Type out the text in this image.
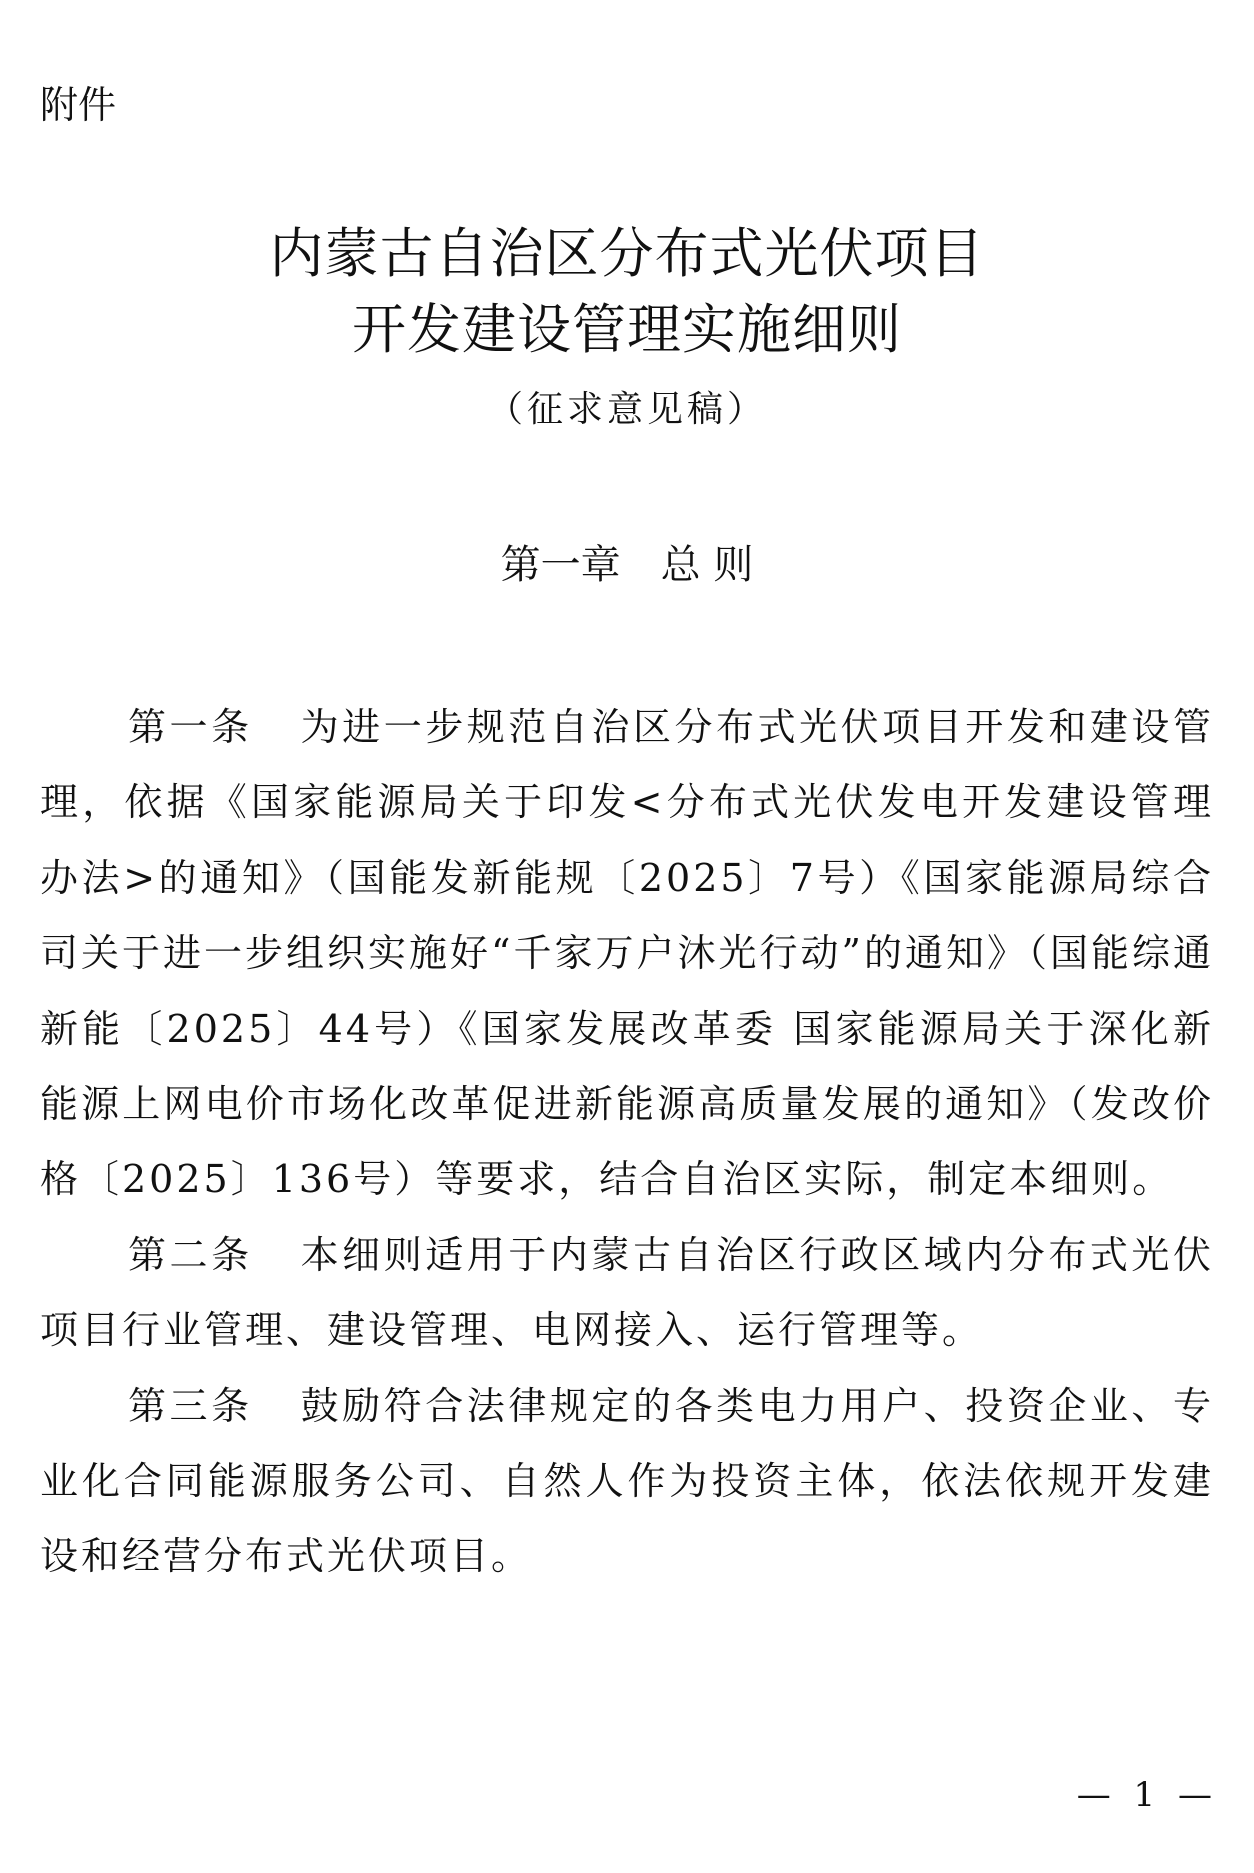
附件
内蒙古自治区分布式光伏项目
开发建设管理实施细则
（征求意见稿）
第一章 总 则

第一条 为进一步规范自治区分布式光伏项目开发和建设管理，依据《国家能源局关于印发<分布式光伏发电开发建设管理办法>的通知》（国能发新能规〔2025〕7号）《国家能源局综合司关于进一步组织实施好“千家万户沐光行动”的通知》（国能综通新能〔2025〕44号）《国家发展改革委 国家能源局关于深化新能源上网电价市场化改革促进新能源高质量发展的通知》（发改价格〔2025〕136号）等要求，结合自治区实际，制定本细则。

第二条 本细则适用于内蒙古自治区行政区域内分布式光伏项目行业管理、建设管理、电网接入、运行管理等。

第三条 鼓励符合法律规定的各类电力用户、投资企业、专业化合同能源服务公司、自然人作为投资主体，依法依规开发建设和经营分布式光伏项目。

— 1 —
